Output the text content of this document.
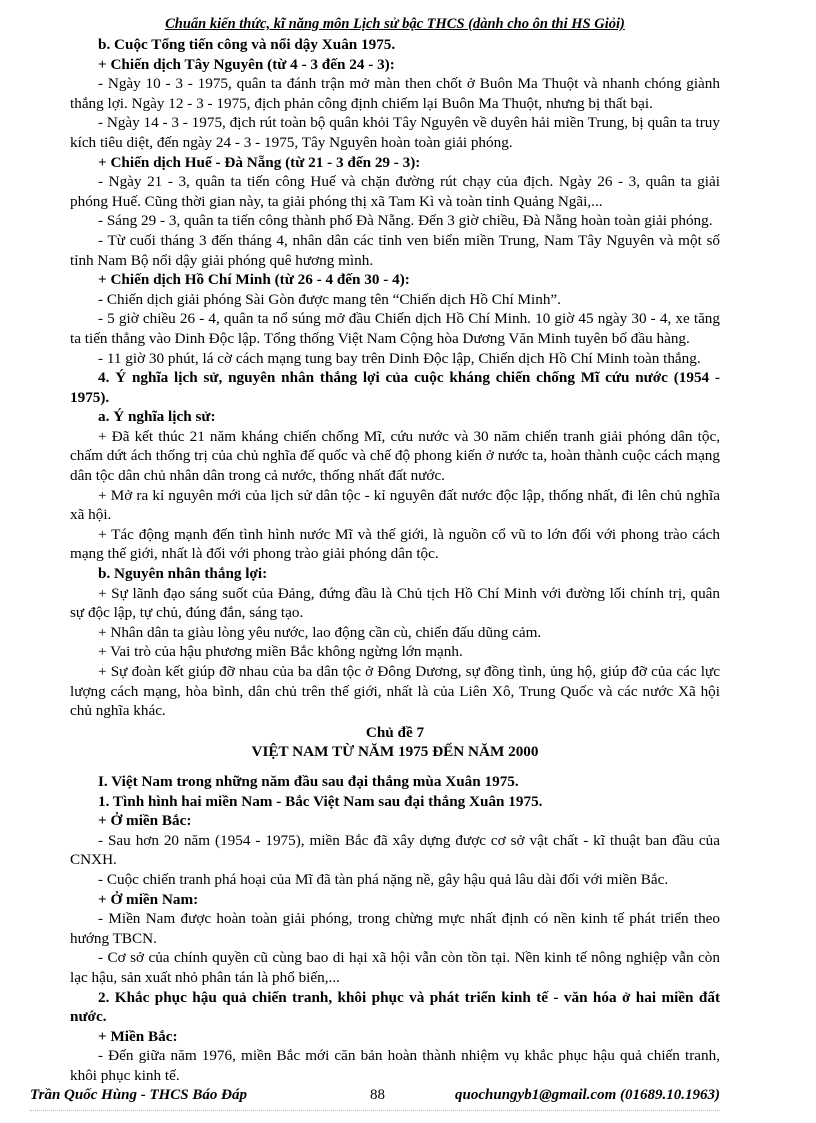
Chuẩn kiến thức, kĩ năng môn Lịch sử bậc THCS (dành cho ôn thi HS Giỏi)

b. Cuộc Tổng tiến công và nổi dậy Xuân 1975.

+ Chiến dịch Tây Nguyên (từ 4 - 3 đến 24 - 3):

- Ngày 10 - 3 - 1975, quân ta đánh trận mở màn then chốt ở Buôn Ma Thuột và nhanh chóng giành thắng lợi. Ngày 12 - 3 - 1975, địch phản công định chiếm lại Buôn Ma Thuột, nhưng bị thất bại.

- Ngày 14 - 3 - 1975, địch rút toàn bộ quân khỏi Tây Nguyên về duyên hải miền Trung, bị quân ta truy kích tiêu diệt, đến ngày 24 - 3 - 1975, Tây Nguyên hoàn toàn giải phóng.

+ Chiến dịch Huế - Đà Nẵng (từ 21 - 3 đến 29 - 3):

- Ngày 21 - 3, quân ta tiến công Huế và chặn đường rút chạy của địch. Ngày 26 - 3, quân ta giải phóng Huế. Cũng thời gian này, ta giải phóng thị xã Tam Kì và toàn tỉnh Quảng Ngãi,...

- Sáng 29 - 3, quân ta tiến công thành phố Đà Nẵng. Đến 3 giờ chiều, Đà Nẵng hoàn toàn giải phóng.

- Từ cuối tháng 3 đến tháng 4, nhân dân các tỉnh ven biển miền Trung, Nam Tây Nguyên và một số tỉnh Nam Bộ nổi dậy giải phóng quê hương mình.

+ Chiến dịch Hồ Chí Minh (từ 26 - 4 đến 30 - 4):

- Chiến dịch giải phóng Sài Gòn được mang tên “Chiến dịch Hồ Chí Minh”.

- 5 giờ chiều 26 - 4, quân ta nổ súng mở đầu Chiến dịch Hồ Chí Minh. 10 giờ 45 ngày 30 - 4, xe tăng ta tiến thẳng vào Dinh Độc lập. Tổng thống Việt Nam Cộng hòa Dương Văn Minh tuyên bố đầu hàng.

- 11 giờ 30 phút, lá cờ cách mạng tung bay trên Dinh Độc lập, Chiến dịch Hồ Chí Minh toàn thắng.

4. Ý nghĩa lịch sử, nguyên nhân thắng lợi của cuộc kháng chiến chống Mĩ cứu nước (1954 - 1975).

a. Ý nghĩa lịch sử:

+ Đã kết thúc 21 năm kháng chiến chống Mĩ, cứu nước và 30 năm chiến tranh giải phóng dân tộc, chấm dứt ách thống trị của chủ nghĩa đế quốc và chế độ phong kiến ở nước ta, hoàn thành cuộc cách mạng dân tộc dân chủ nhân dân trong cả nước, thống nhất đất nước.

+ Mở ra kỉ nguyên mới của lịch sử dân tộc - kỉ nguyên đất nước độc lập, thống nhất, đi lên chủ nghĩa xã hội.

+ Tác động mạnh đến tình hình nước Mĩ và thế giới, là nguồn cổ vũ to lớn đối với phong trào cách mạng thế giới, nhất là đối với phong trào giải phóng dân tộc.

b. Nguyên nhân thắng lợi:

+ Sự lãnh đạo sáng suốt của Đảng, đứng đầu là Chủ tịch Hồ Chí Minh với đường lối chính trị, quân sự độc lập, tự chủ, đúng đắn, sáng tạo.

+ Nhân dân ta giàu lòng yêu nước, lao động cần cù, chiến đấu dũng cảm.

+ Vai trò của hậu phương miền Bắc không ngừng lớn mạnh.

+ Sự đoàn kết giúp đỡ nhau của ba dân tộc ở Đông Dương, sự đồng tình, ủng hộ, giúp đỡ của các lực lượng cách mạng, hòa bình, dân chủ trên thế giới, nhất là của Liên Xô, Trung Quốc và các nước Xã hội chủ nghĩa khác.

Chủ đề 7

VIỆT NAM TỪ NĂM 1975 ĐẾN NĂM 2000

I. Việt Nam trong những năm đầu sau đại thắng mùa Xuân 1975.

1. Tình hình hai miền Nam - Bắc Việt Nam sau đại thắng Xuân 1975.

+ Ở miền Bắc:

- Sau hơn 20 năm (1954 - 1975), miền Bắc đã xây dựng được cơ sở vật chất - kĩ thuật ban đầu của CNXH.

- Cuộc chiến tranh phá hoại của Mĩ đã tàn phá nặng nề, gây hậu quả lâu dài đối với miền Bắc.

+ Ở miền Nam:

- Miền Nam được hoàn toàn giải phóng, trong chừng mực nhất định có nền kinh tế phát triển theo hướng TBCN.

- Cơ sở của chính quyền cũ cùng bao di hại xã hội vẫn còn tồn tại. Nền kinh tế nông nghiệp vẫn còn lạc hậu, sản xuất nhỏ phân tán là phổ biến,...

2. Khắc phục hậu quả chiến tranh, khôi phục và phát triển kinh tế - văn hóa ở hai miền đất nước.

+ Miền Bắc:

- Đến giữa năm 1976, miền Bắc mới căn bản hoàn thành nhiệm vụ khắc phục hậu quả chiến tranh, khôi phục kinh tế.

Trần Quốc Hùng - THCS Báo Đáp	88	quochungyb1@gmail.com (01689.10.1963)
